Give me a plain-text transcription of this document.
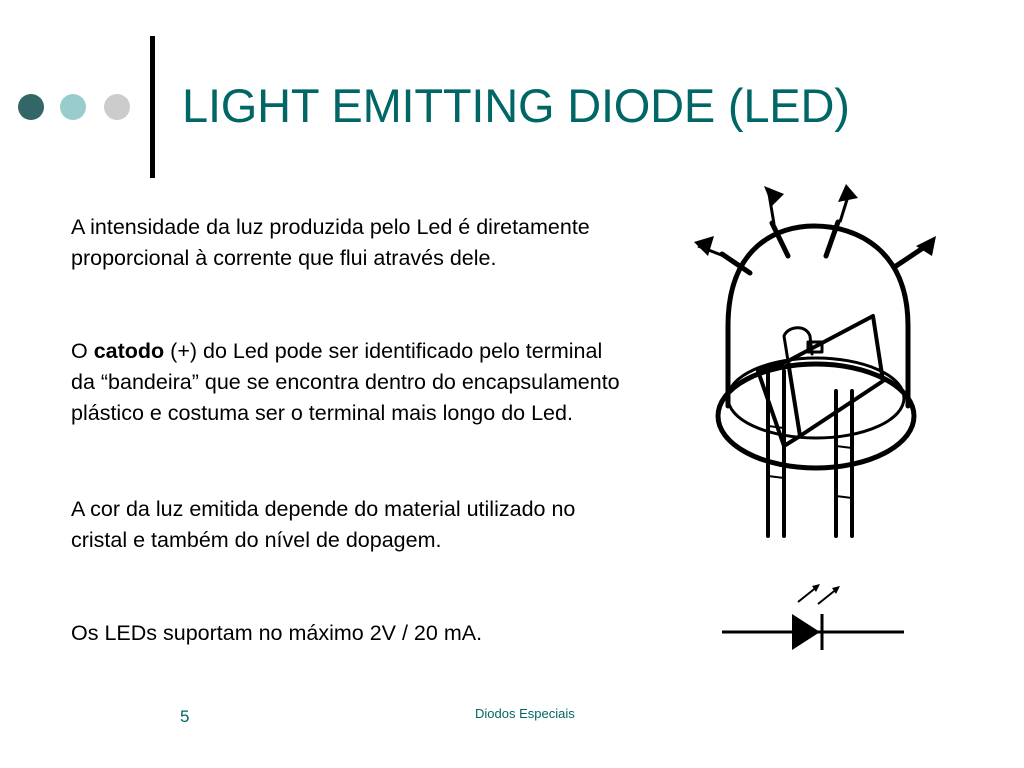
LIGHT EMITTING DIODE (LED)

A intensidade da luz produzida pelo Led é diretamente proporcional à corrente que flui através dele.

O catodo (+) do Led pode ser identificado pelo terminal da “bandeira” que se encontra dentro do encapsulamento plástico e costuma ser o terminal mais longo do Led.

A cor da luz emitida depende do material utilizado no cristal e também do nível de dopagem.

Os LEDs suportam no máximo 2V / 20 mA.

5	Diodos Especiais
